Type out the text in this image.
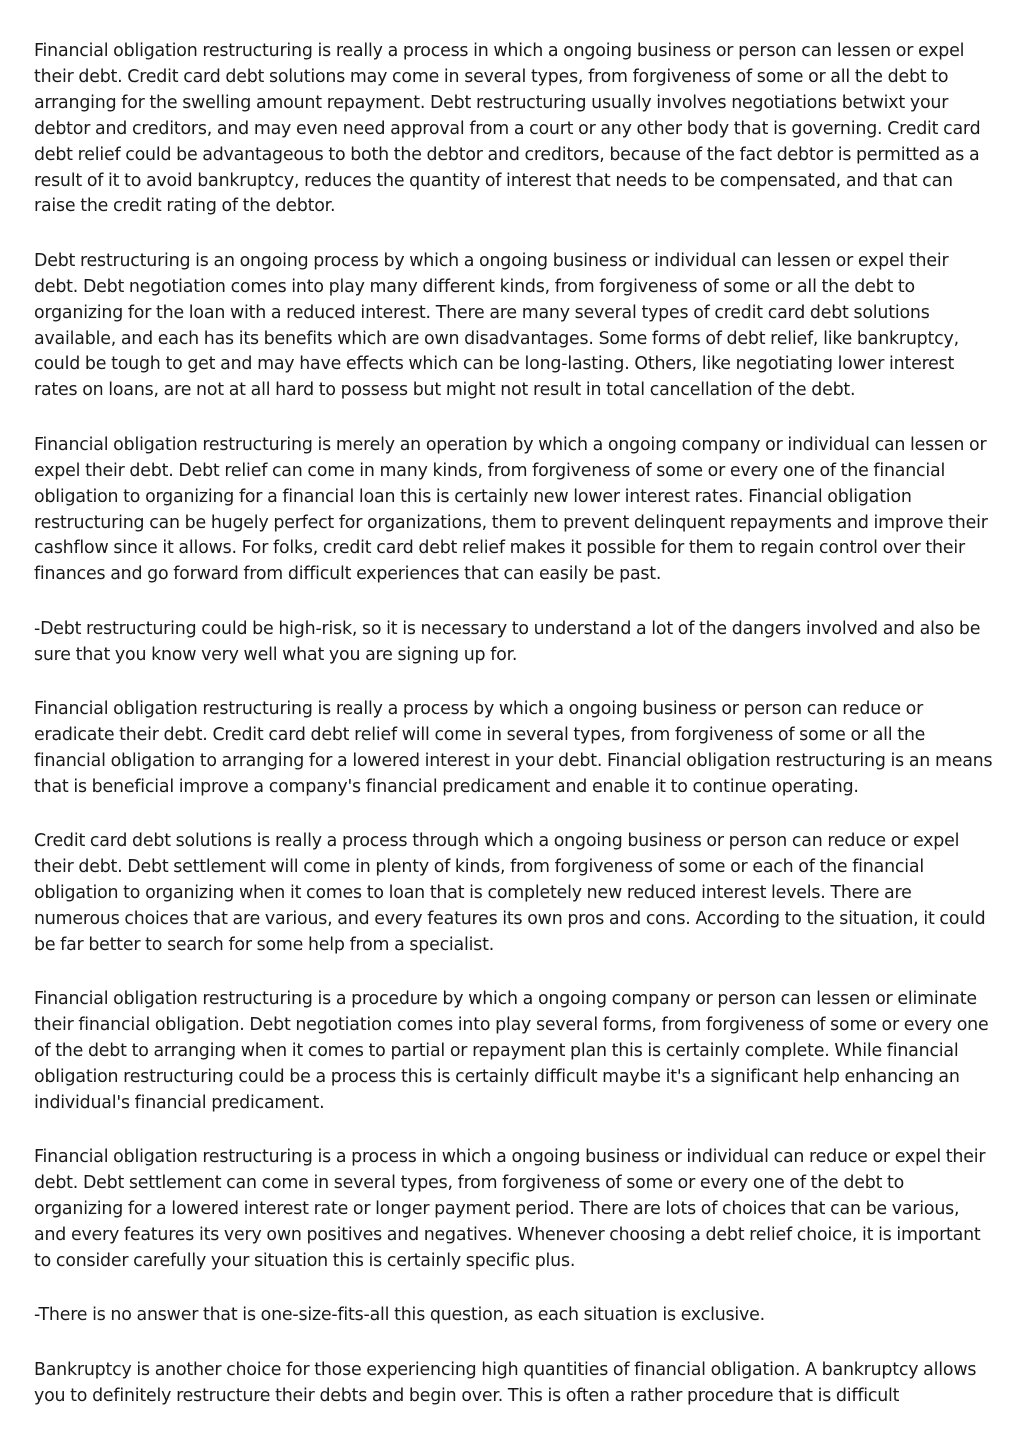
Financial obligation restructuring is really a process in which a ongoing business or person can lessen or expel their debt. Credit card debt solutions may come in several types, from forgiveness of some or all the debt to arranging for the swelling amount repayment. Debt restructuring usually involves negotiations betwixt your debtor and creditors, and may even need approval from a court or any other body that is governing. Credit card debt relief could be advantageous to both the debtor and creditors, because of the fact debtor is permitted as a result of it to avoid bankruptcy, reduces the quantity of interest that needs to be compensated, and that can raise the credit rating of the debtor.

Debt restructuring is an ongoing process by which a ongoing business or individual can lessen or expel their debt. Debt negotiation comes into play many different kinds, from forgiveness of some or all the debt to organizing for the loan with a reduced interest. There are many several types of credit card debt solutions available, and each has its benefits which are own disadvantages. Some forms of debt relief, like bankruptcy, could be tough to get and may have effects which can be long-lasting. Others, like negotiating lower interest rates on loans, are not at all hard to possess but might not result in total cancellation of the debt.

Financial obligation restructuring is merely an operation by which a ongoing company or individual can lessen or expel their debt. Debt relief can come in many kinds, from forgiveness of some or every one of the financial obligation to organizing for a financial loan this is certainly new lower interest rates. Financial obligation restructuring can be hugely perfect for organizations, them to prevent delinquent repayments and improve their cashflow since it allows. For folks, credit card debt relief makes it possible for them to regain control over their finances and go forward from difficult experiences that can easily be past.

-Debt restructuring could be high-risk, so it is necessary to understand a lot of the dangers involved and also be sure that you know very well what you are signing up for.

Financial obligation restructuring is really a process by which a ongoing business or person can reduce or eradicate their debt. Credit card debt relief will come in several types, from forgiveness of some or all the financial obligation to arranging for a lowered interest in your debt. Financial obligation restructuring is an means that is beneficial improve a company's financial predicament and enable it to continue operating.

Credit card debt solutions is really a process through which a ongoing business or person can reduce or expel their debt. Debt settlement will come in plenty of kinds, from forgiveness of some or each of the financial obligation to organizing when it comes to loan that is completely new reduced interest levels. There are numerous choices that are various, and every features its own pros and cons. According to the situation, it could be far better to search for some help from a specialist.

Financial obligation restructuring is a procedure by which a ongoing company or person can lessen or eliminate their financial obligation. Debt negotiation comes into play several forms, from forgiveness of some or every one of the debt to arranging when it comes to partial or repayment plan this is certainly complete. While financial obligation restructuring could be a process this is certainly difficult maybe it's a significant help enhancing an individual's financial predicament.

Financial obligation restructuring is a process in which a ongoing business or individual can reduce or expel their debt. Debt settlement can come in several types, from forgiveness of some or every one of the debt to organizing for a lowered interest rate or longer payment period. There are lots of choices that can be various, and every features its very own positives and negatives. Whenever choosing a debt relief choice, it is important to consider carefully your situation this is certainly specific plus.

-There is no answer that is one-size-fits-all this question, as each situation is exclusive.

Bankruptcy is another choice for those experiencing high quantities of financial obligation. A bankruptcy allows you to definitely restructure their debts and begin over. This is often a rather procedure that is difficult
